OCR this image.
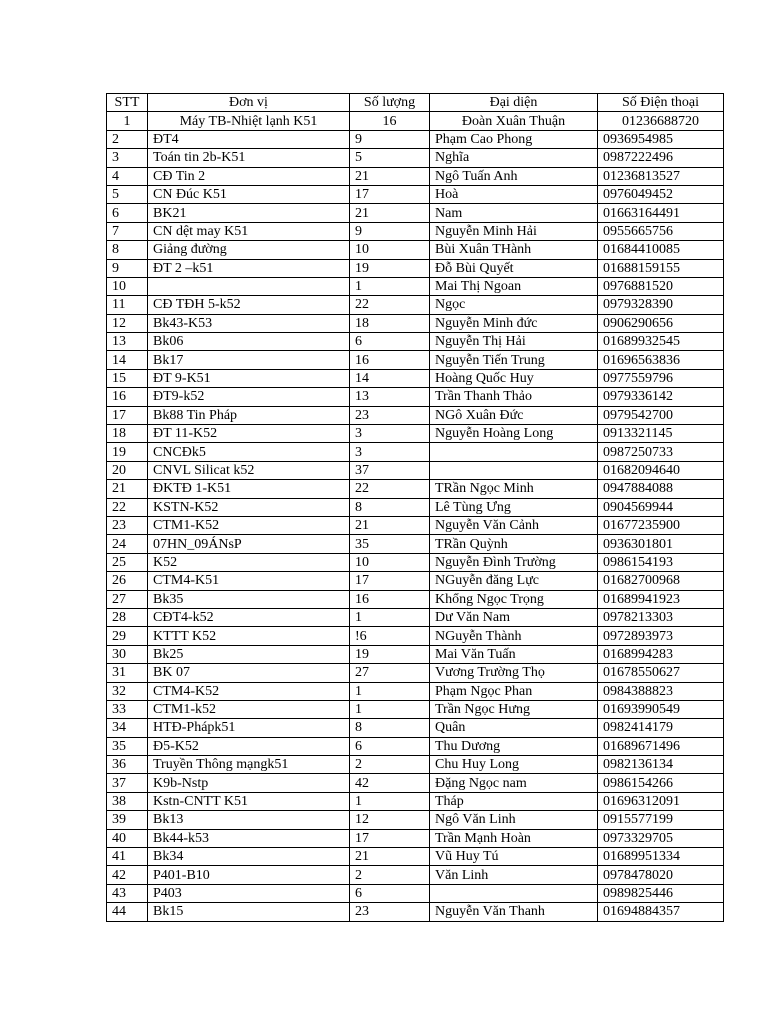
STT	Đơn vị	Số lượng	Đại diện	Số Điện thoại
1	Máy TB-Nhiệt lạnh K51	16	Đoàn Xuân Thuận	01236688720
2	ĐT4	9	Phạm Cao Phong	0936954985
3	Toán tin 2b-K51	5	Nghĩa	0987222496
4	CĐ Tin 2	21	Ngô Tuấn Anh	01236813527
5	CN Đúc K51	17	Hoà	0976049452
6	BK21	21	Nam	01663164491
7	CN dệt may K51	9	Nguyễn Minh Hải	0955665756
8	Giảng đường	10	Bùi Xuân THành	01684410085
9	ĐT 2 –k51	19	Đỗ Bùi Quyết	01688159155
10		1	Mai Thị Ngoan	0976881520
11	CĐ TĐH 5-k52	22	Ngọc	0979328390
12	Bk43-K53	18	Nguyễn Minh đức	0906290656
13	Bk06	6	Nguyễn Thị Hải	01689932545
14	Bk17	16	Nguyễn Tiến Trung	01696563836
15	ĐT 9-K51	14	Hoàng Quốc Huy	0977559796
16	ĐT9-k52	13	Trần Thanh Thảo	0979336142
17	Bk88 Tin Pháp	23	NGô Xuân Đức	0979542700
18	ĐT 11-K52	3	Nguyễn Hoàng Long	0913321145
19	CNCĐk5	3		0987250733
20	CNVL Silicat k52	37		01682094640
21	ĐKTĐ 1-K51	22	TRần Ngọc Minh	0947884088
22	KSTN-K52	8	Lê Tùng Ưng	0904569944
23	CTM1-K52	21	Nguyễn Văn Cảnh	01677235900
24	07HN_09ÁNsP	35	TRần Quỳnh	0936301801
25	K52	10	Nguyễn Đình Trường	0986154193
26	CTM4-K51	17	NGuyễn đăng Lực	01682700968
27	Bk35	16	Khổng Ngọc Trọng	01689941923
28	CĐT4-k52	1	Dư Văn Nam	0978213303
29	KTTT K52	!6	NGuyễn Thành	0972893973
30	Bk25	19	Mai Văn Tuấn	0168994283
31	BK 07	27	Vương Trường Thọ	01678550627
32	CTM4-K52	1	Phạm Ngọc Phan	0984388823
33	CTM1-k52	1	Trần Ngọc Hưng	01693990549
34	HTĐ-Phápk51	8	Quân	0982414179
35	Đ5-K52	6	Thu Dương	01689671496
36	Truyền Thông mạngk51	2	Chu Huy Long	0982136134
37	K9b-Nstp	42	Đặng Ngọc nam	0986154266
38	Kstn-CNTT K51	1	Tháp	01696312091
39	Bk13	12	Ngô Văn Linh	0915577199
40	Bk44-k53	17	Trần Mạnh Hoàn	0973329705
41	Bk34	21	Vũ Huy Tú	01689951334
42	P401-B10	2	Văn Linh	0978478020
43	P403	6		0989825446
44	Bk15	23	Nguyễn Văn Thanh	01694884357
